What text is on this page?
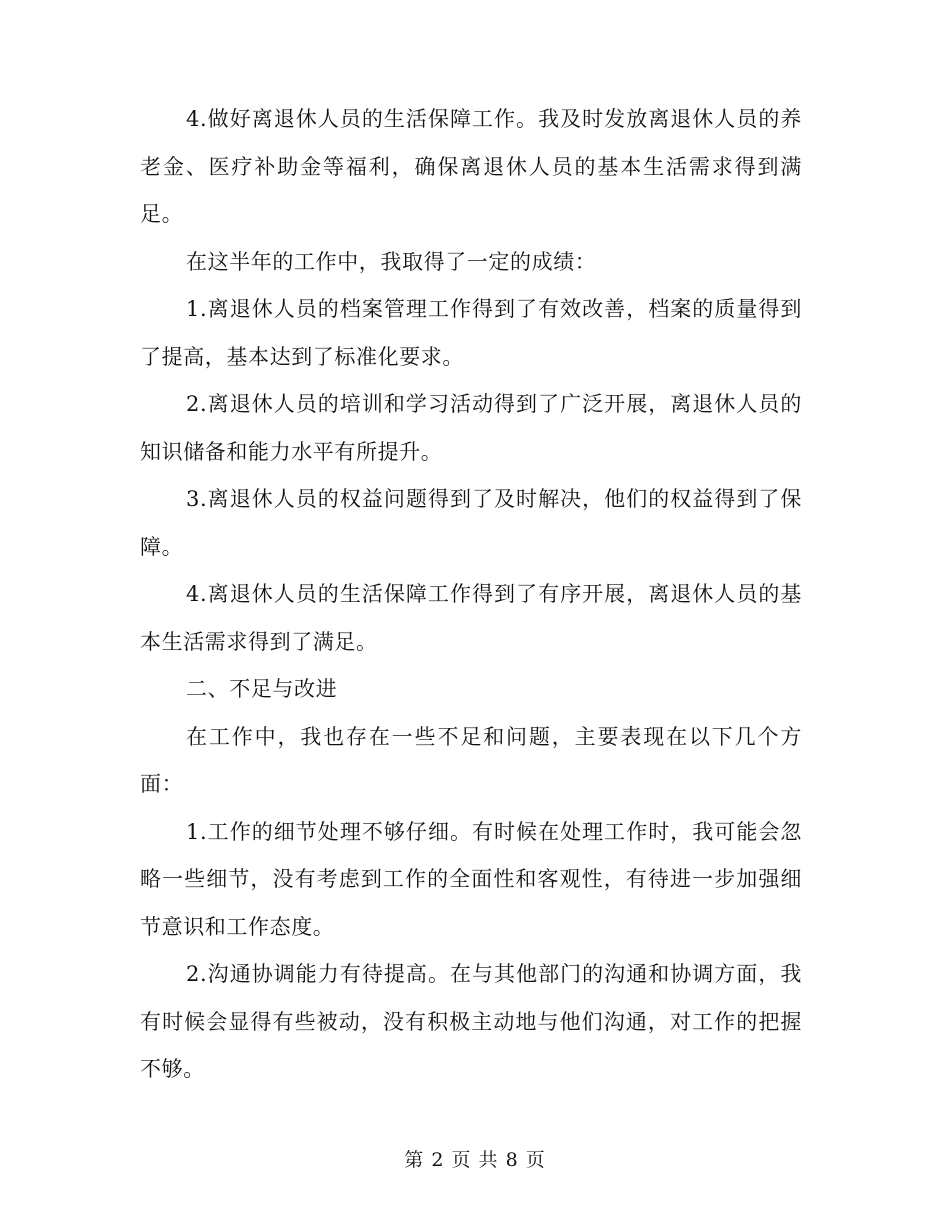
4.做好离退休人员的生活保障工作。我及时发放离退休人员的养老金、医疗补助金等福利，确保离退休人员的基本生活需求得到满足。

在这半年的工作中，我取得了一定的成绩：

1.离退休人员的档案管理工作得到了有效改善，档案的质量得到了提高，基本达到了标准化要求。

2.离退休人员的培训和学习活动得到了广泛开展，离退休人员的知识储备和能力水平有所提升。

3.离退休人员的权益问题得到了及时解决，他们的权益得到了保障。

4.离退休人员的生活保障工作得到了有序开展，离退休人员的基本生活需求得到了满足。

二、不足与改进

在工作中，我也存在一些不足和问题，主要表现在以下几个方面：

1.工作的细节处理不够仔细。有时候在处理工作时，我可能会忽略一些细节，没有考虑到工作的全面性和客观性，有待进一步加强细节意识和工作态度。

2.沟通协调能力有待提高。在与其他部门的沟通和协调方面，我有时候会显得有些被动，没有积极主动地与他们沟通，对工作的把握不够。

第 2 页 共 8 页
